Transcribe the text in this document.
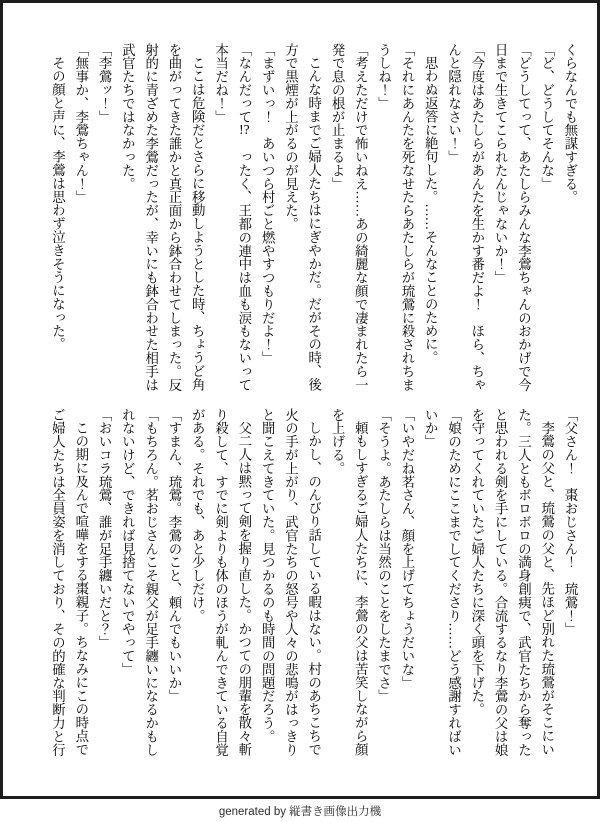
くらなんでも無謀すぎる。

「ど、どうしてそんな」

「どうしてって、あたしらみんな李鶯ちゃんのおかげで今日まで生きてこられたんじゃないか！」

「今度はあたしらがあんたを生かす番だよ！　ほら、ちゃんと隠れなさい！」

思わぬ返答に絶句した。……そんなことのために。

「それにあんたを死なせたらあたしらが琉鶯に殺されちまうしね！」

「考えただけで怖いねえ……あの綺麗な顔で凄まれたら一発で息の根が止まるよ」

こんな時までご婦人たちはにぎやかだ。だがその時、後方で黒煙が上がるのが見えた。

「まずいっ！　あいつら村ごと燃やすつもりだよ！」

「なんだって!?　ったく、王都の連中は血も涙もないって本当だね！」

ここは危険だとさらに移動しようとした時、ちょうど角を曲がってきた誰かと真正面から鉢合わせてしまった。反射的に青ざめた李鶯だったが、幸いにも鉢合わせた相手は武官たちではなかった。

「李鶯ッ！」

「無事か、李鶯ちゃん！」

その顔と声に、李鶯は思わず泣きそうになった。

「父さん！　棗おじさん！　琉鶯！」

李鶯の父と、琉鶯の父と、先ほど別れた琉鶯がそこにいた。三人ともボロボロの満身創痍で、武官たちから奪ったと思われる剣を手にしている。合流するなり李鶯の父は娘を守ってくれていたご婦人たちに深く頭を下げた。

「娘のためにここまでしてくださり……どう感謝すればいいか」

「いやだね茗さん、顔を上げてちょうだいな」

「そうよ。あたしらは当然のことをしたまでさ」

頼もしすぎるご婦人たちに、李鶯の父は苦笑しながら顔を上げる。

しかし、のんびり話している暇はない。村のあちこちで火の手が上がり、武官たちの怒号や人々の悲鳴がはっきりと聞こえてきていた。見つかるのも時間の問題だろう。

父二人は黙って剣を握り直した。かつての朋輩を散々斬り殺して、すでに剣よりも体のほうが軋んできている自覚がある。それでも、あと少しだけ。

「すまん、琉鶯。李鶯のこと、頼んでもいいか」

「もちろん。茗おじさんこそ親父が足手纏いになるかもしれないけど、できれば見捨てないでやって」

「おいコラ琉鶯、誰が足手纏いだと？」

この期に及んで喧嘩をする棗親子。ちなみにこの時点でご婦人たちは全員姿を消しており、その的確な判断力と行

generated by 縦書き画像出力機
